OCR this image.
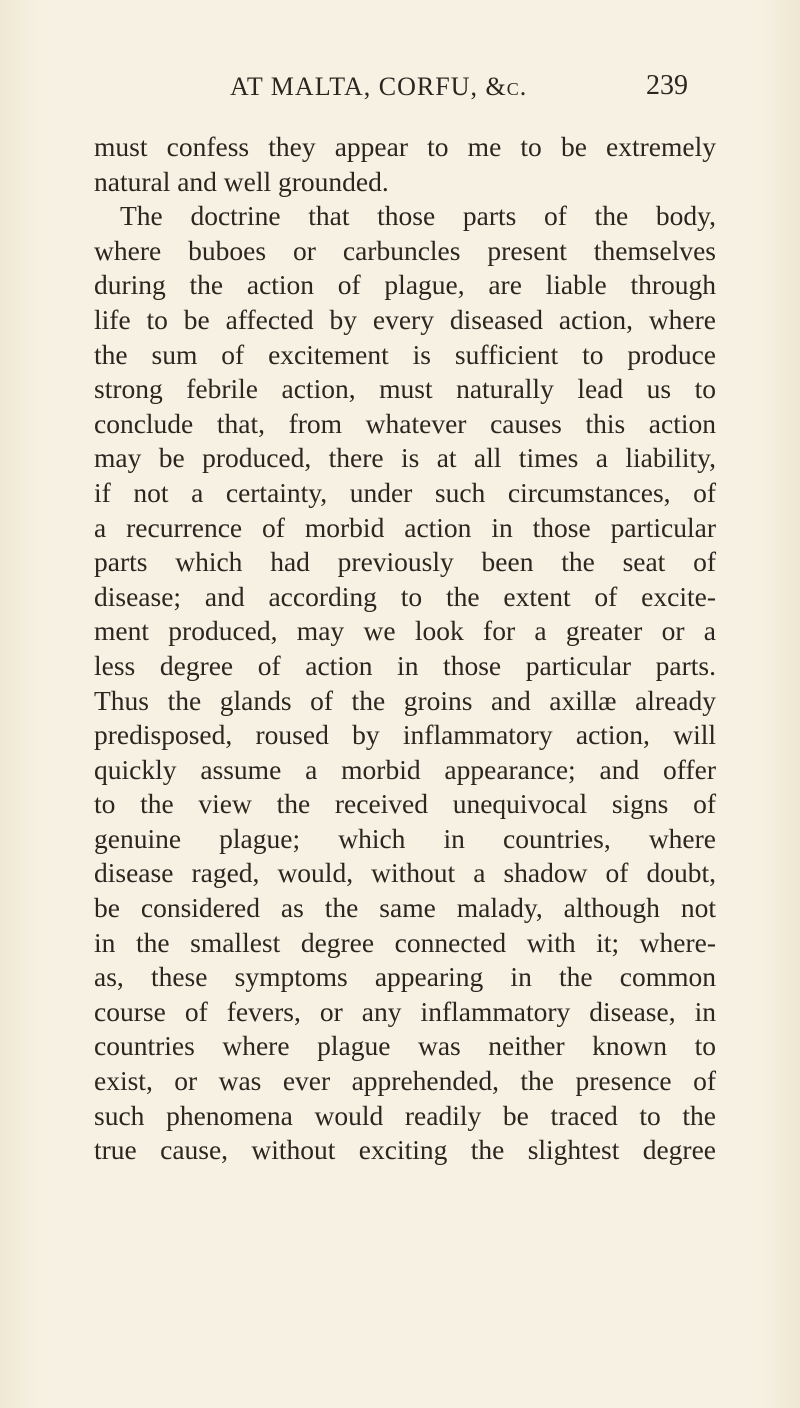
AT MALTA, CORFU, &c.	239
must confess they appear to me to be extremely
natural and well grounded.
The doctrine that those parts of the body,
where buboes or carbuncles present themselves
during the action of plague, are liable through
life to be affected by every diseased action, where
the sum of excitement is sufficient to produce
strong febrile action, must naturally lead us to
conclude that, from whatever causes this action
may be produced, there is at all times a liability,
if not a certainty, under such circumstances, of
a recurrence of morbid action in those particular
parts which had previously been the seat of
disease; and according to the extent of excite-
ment produced, may we look for a greater or a
less degree of action in those particular parts.
Thus the glands of the groins and axillæ already
predisposed, roused by inflammatory action, will
quickly assume a morbid appearance; and offer
to the view the received unequivocal signs of
genuine plague; which in countries, where
disease raged, would, without a shadow of doubt,
be considered as the same malady, although not
in the smallest degree connected with it; where-
as, these symptoms appearing in the common
course of fevers, or any inflammatory disease, in
countries where plague was neither known to
exist, or was ever apprehended, the presence of
such phenomena would readily be traced to the
true cause, without exciting the slightest degree
